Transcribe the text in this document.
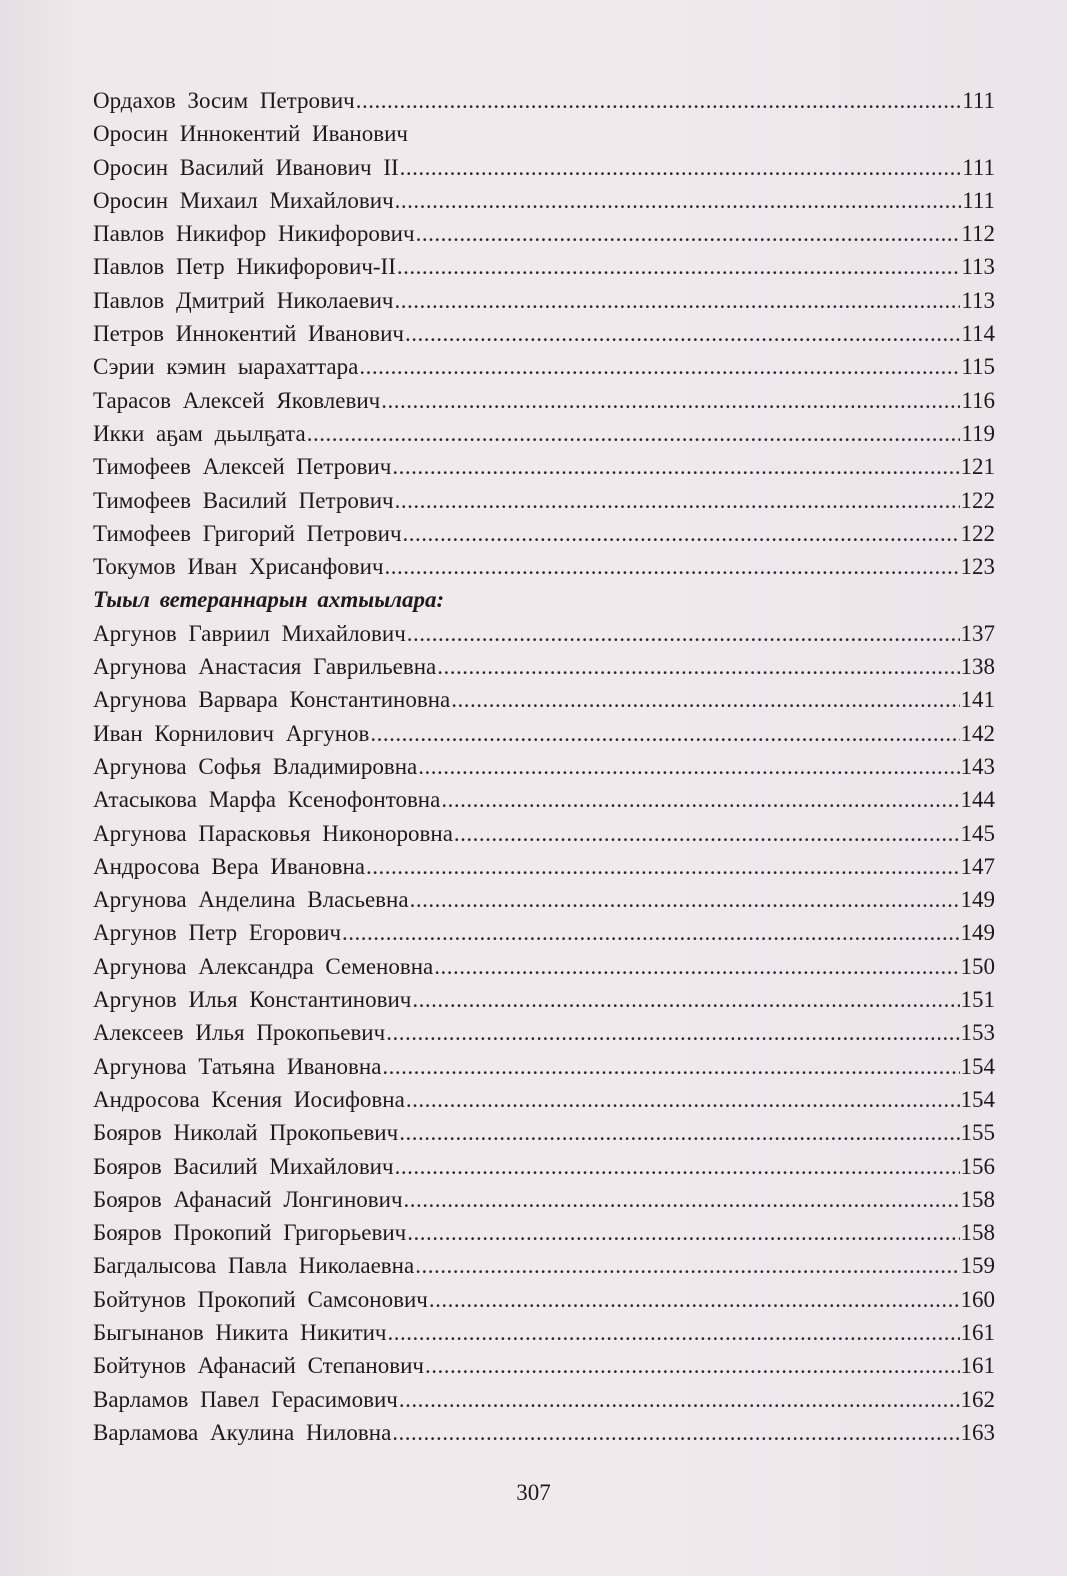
Ордахов Зосим Петрович .....	111
Оросин Иннокентий Иванович
Оросин Василий Иванович II .....	111
Оросин Михаил Михайлович .....	111
Павлов Никифор Никифорович .....	112
Павлов Петр Никифорович-II .....	113
Павлов Дмитрий Николаевич .....	113
Петров Иннокентий Иванович .....	114
Сэрии кэмин ыарахаттара .....	115
Тарасов Алексей Яковлевич .....	116
Икки аҕам дьылҕата .....	119
Тимофеев Алексей Петрович .....	121
Тимофеев Василий Петрович .....	122
Тимофеев Григорий Петрович .....	122
Токумов Иван Хрисанфович .....	123
Тыыл ветераннарын ахтыылара:
Аргунов Гавриил Михайлович .....	137
Аргунова Анастасия Гаврильевна .....	138
Аргунова Варвара Константиновна .....	141
Иван Корнилович Аргунов .....	142
Аргунова Софья Владимировна .....	143
Атасыкова Марфа Ксенофонтовна .....	144
Аргунова Парасковья Никоноровна .....	145
Андросова Вера Ивановна .....	147
Аргунова Анделина Власьевна .....	149
Аргунов Петр Егорович .....	149
Аргунова Александра Семеновна .....	150
Аргунов Илья Константинович .....	151
Алексеев Илья Прокопьевич .....	153
Аргунова Татьяна Ивановна .....	154
Андросова Ксения Иосифовна .....	154
Бояров Николай Прокопьевич .....	155
Бояров Василий Михайлович .....	156
Бояров Афанасий Лонгинович .....	158
Бояров Прокопий Григорьевич .....	158
Багдалысова Павла Николаевна .....	159
Бойтунов Прокопий Самсонович .....	160
Быгынанов Никита Никитич .....	161
Бойтунов Афанасий Степанович .....	161
Варламов Павел Герасимович .....	162
Варламова Акулина Ниловна .....	163
307
